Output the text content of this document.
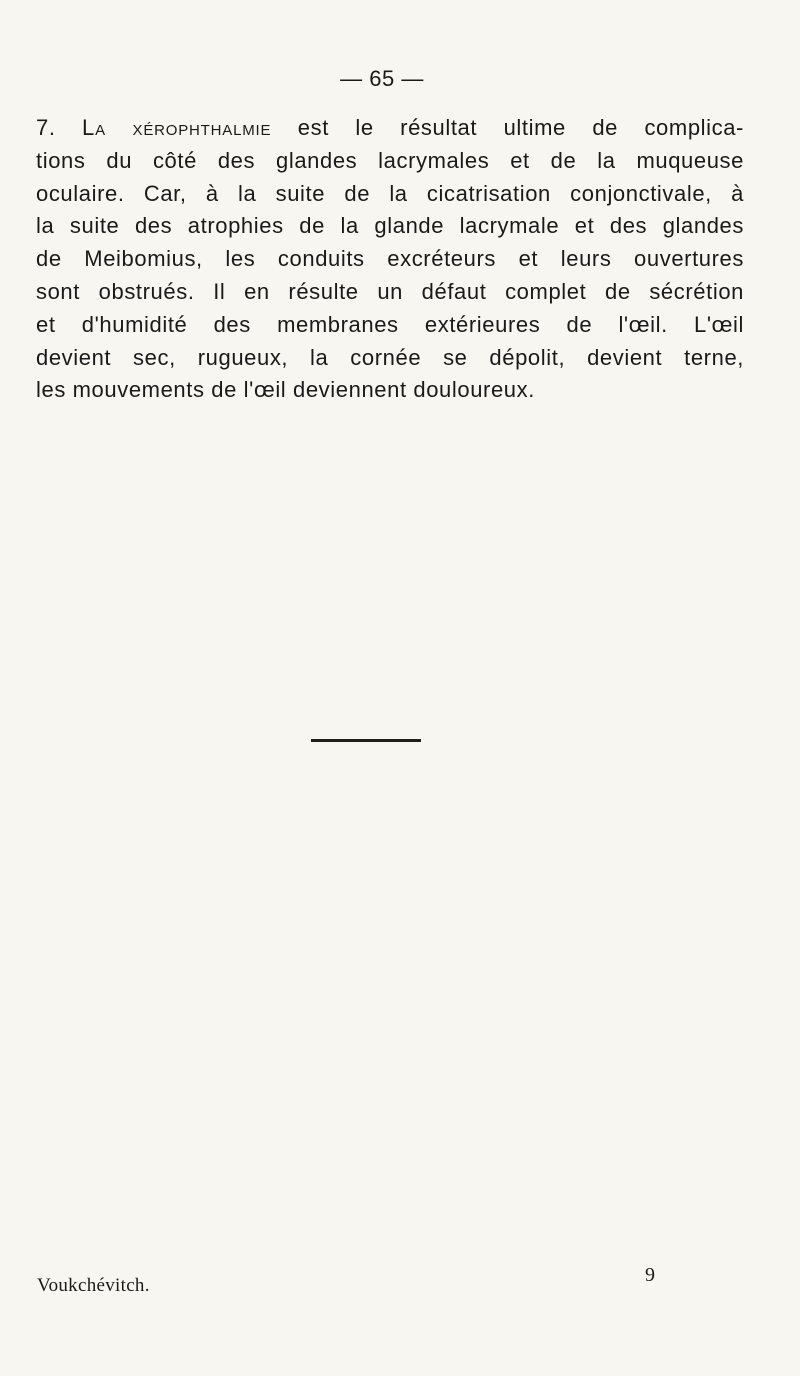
— 65 —
7. La xérophthalmie est le résultat ultime de complica-
tions du côté des glandes lacrymales et de la muqueuse
oculaire. Car, à la suite de la cicatrisation conjonctivale, à
la suite des atrophies de la glande lacrymale et des glandes
de Meibomius, les conduits excréteurs et leurs ouvertures
sont obstrués. Il en résulte un défaut complet de sécrétion
et d'humidité des membranes extérieures de l'œil. L'œil
devient sec, rugueux, la cornée se dépolit, devient terne,
les mouvements de l'œil deviennent douloureux.
Voukchévitch.	9
